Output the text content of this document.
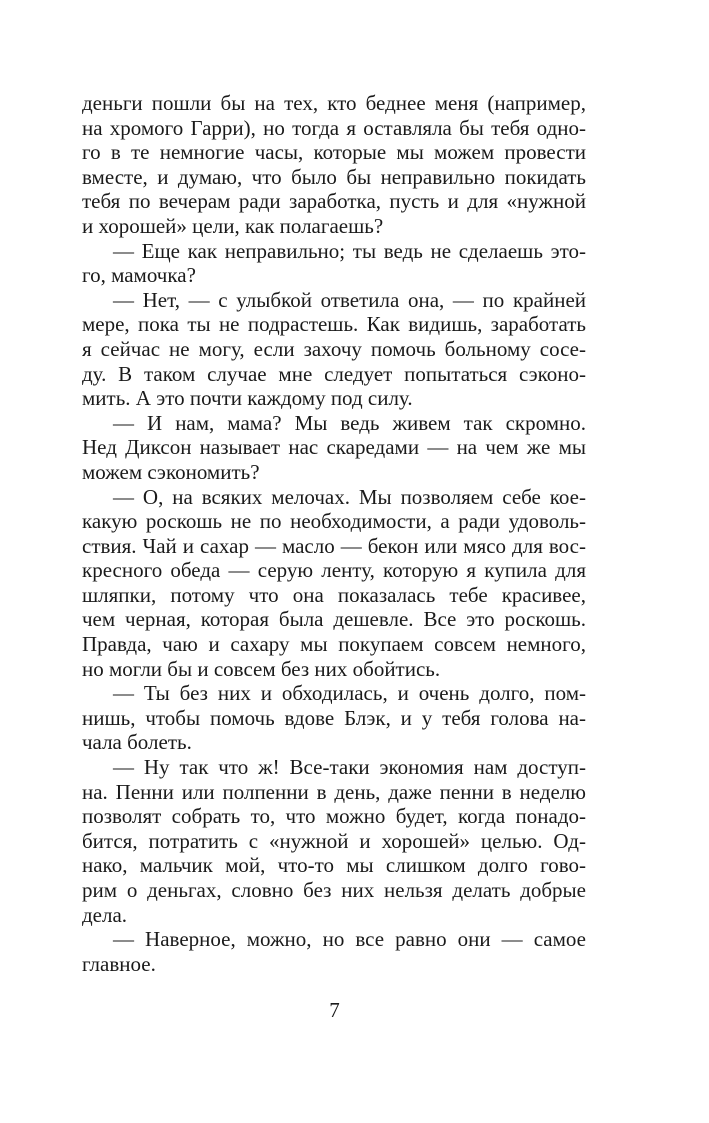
деньги пошли бы на тех, кто беднее меня (например,
на хромого Гарри), но тогда я оставляла бы тебя одно-
го в те немногие часы, которые мы можем провести
вместе, и думаю, что было бы неправильно покидать
тебя по вечерам ради заработка, пусть и для «нужной
и хорошей» цели, как полагаешь?
— Еще как неправильно; ты ведь не сделаешь это-
го, мамочка?
— Нет, — с улыбкой ответила она, — по крайней
мере, пока ты не подрастешь. Как видишь, заработать
я сейчас не могу, если захочу помочь больному сосе-
ду. В таком случае мне следует попытаться сэконо-
мить. А это почти каждому под силу.
— И нам, мама? Мы ведь живем так скромно.
Нед Диксон называет нас скаредами — на чем же мы
можем сэкономить?
— О, на всяких мелочах. Мы позволяем себе кое-
какую роскошь не по необходимости, а ради удоволь-
ствия. Чай и сахар — масло — бекон или мясо для вос-
кресного обеда — серую ленту, которую я купила для
шляпки, потому что она показалась тебе красивее,
чем черная, которая была дешевле. Все это роскошь.
Правда, чаю и сахару мы покупаем совсем немного,
но могли бы и совсем без них обойтись.
— Ты без них и обходилась, и очень долго, пом-
нишь, чтобы помочь вдове Блэк, и у тебя голова на-
чала болеть.
— Ну так что ж! Все-таки экономия нам доступ-
на. Пенни или полпенни в день, даже пенни в неделю
позволят собрать то, что можно будет, когда понадо-
бится, потратить с «нужной и хорошей» целью. Од-
нако, мальчик мой, что-то мы слишком долго гово-
рим о деньгах, словно без них нельзя делать добрые
дела.
— Наверное, можно, но все равно они — самое
главное.
7
